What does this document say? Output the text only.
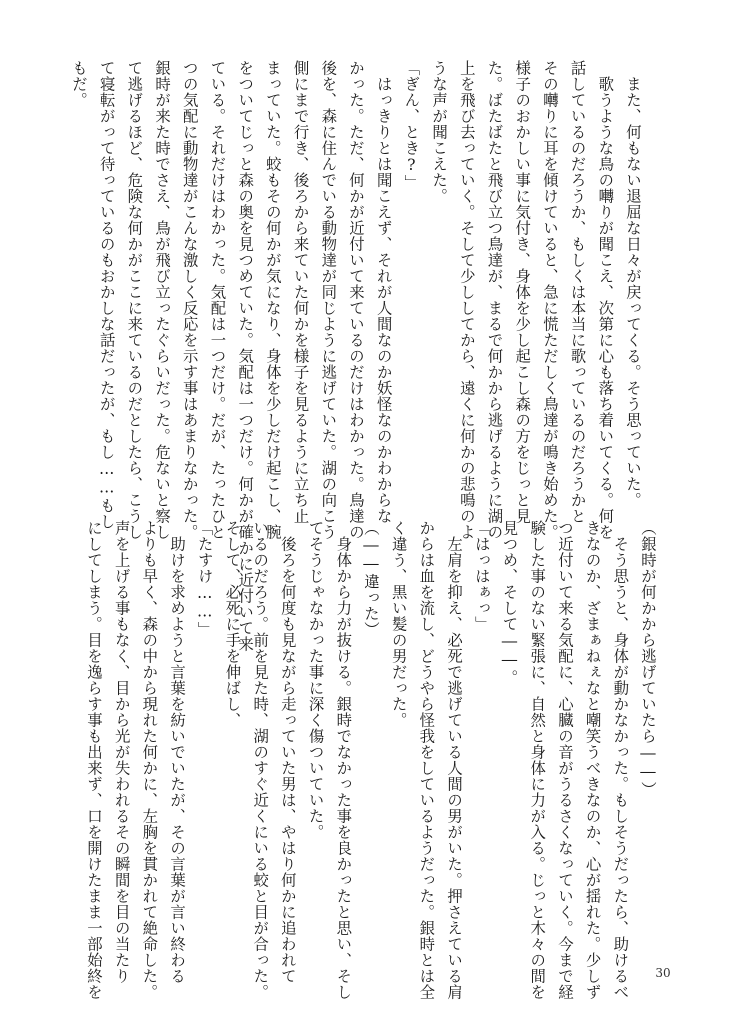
　また、何もない退屈な日々が戻ってくる。そう思っていた。
　歌うような鳥の囀りが聞こえ、次第に心も落ち着いてくる。何を
話しているのだろうか、もしくは本当に歌っているのだろうかと
その囀りに耳を傾けていると、急に慌ただしく鳥達が鳴き始めた。
様子のおかしい事に気付き、身体を少し起こし森の方をじっと見
た。ばたばたと飛び立つ鳥達が、まるで何かから逃げるように湖の
上を飛び去っていく。そして少ししてから、遠くに何かの悲鳴のよ
うな声が聞こえた。
「ぎん、とき?」
　はっきりとは聞こえず、それが人間なのか妖怪なのかわからな
かった。ただ、何かが近付いて来ているのだけはわかった。鳥達の
後を、森に住んでいる動物達が同じように逃げていた。湖の向こう
側にまで行き、後ろから来ていた何かを様子を見るように立ち止
まっていた。蛟もその何かが気になり、身体を少しだけ起こし、腕
をついてじっと森の奥を見つめていた。気配は一つだけ。何かが確かに近付いて来
ている。それだけはわかった。気配は一つだけ。だが、たったひと
つの気配に動物達がこんな激しく反応を示す事はあまりなかった。
銀時が来た時でさえ、鳥が飛び立ったぐらいだった。危ないと察し
て逃げるほど、危険な何かがここに来ているのだとしたら、こうし
て寝転がって待っているのもおかしな話だったが、もし……もし
もだ。
（銀時が何かから逃げていたら――）
　そう思うと、身体が動かなかった。もしそうだったら、助けるべ
きなのか、ざまぁねぇなと嘲笑うべきなのか、心が揺れた。少しず
つ近付いて来る気配に、心臓の音がうるさくなっていく。今まで経
験した事のない緊張に、自然と身体に力が入る。じっと木々の間を
見つめ、そして――。
「はっはぁっ」
　左肩を抑え、必死で逃げている人間の男がいた。押さえている肩
からは血を流し、どうやら怪我をしているようだった。銀時とは全
く違う、黒い髪の男だった。
（――違った）
　身体から力が抜ける。銀時でなかった事を良かったと思い、そし
てそうじゃなかった事に深く傷ついていた。
　後ろを何度も見ながら走っていた男は、やはり何かに追われて
いるのだろう。前を見た時、湖のすぐ近くにいる蛟と目が合った。
そして、必死に手を伸ばし、
「たすけ……」
　助けを求めようと言葉を紡いでいたが、その言葉が言い終わる
よりも早く、森の中から現れた何かに、左胸を貫かれて絶命した。
声を上げる事もなく、目から光が失われるその瞬間を目の当たり
にしてしまう。目を逸らす事も出来ず、口を開けたまま一部始終を	30
